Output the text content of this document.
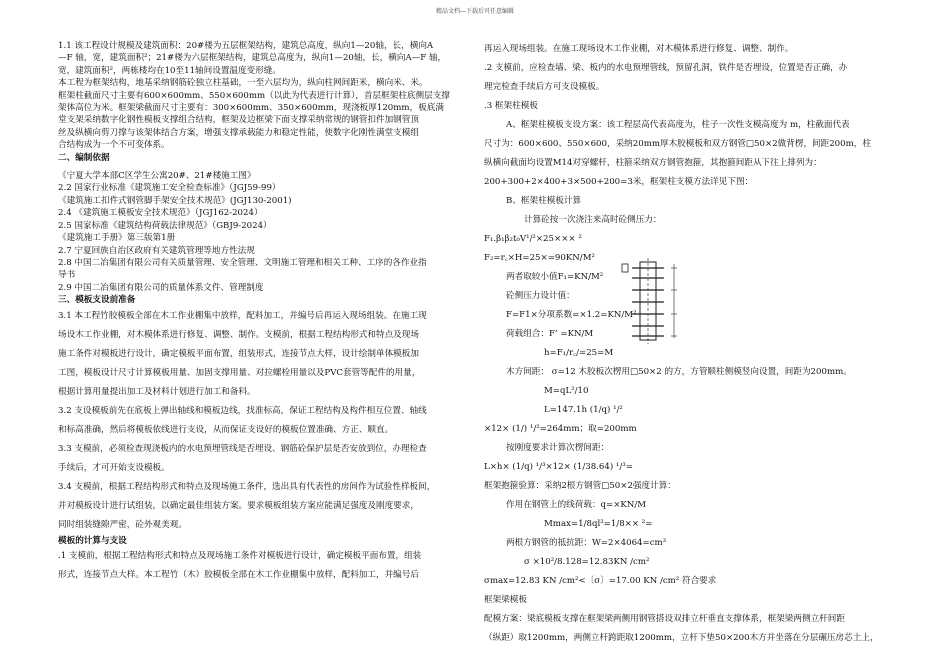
精品文档---下载后可任意编辑
1.1 该工程设计规模及建筑面积：20#楼为五层框架结构，建筑总高度，纵向1—20轴，长，横向A
—F 轴，宽，建筑面积²；21#楼为六层框架结构，建筑总高度为，纵向1—20轴，长，横向A—F 轴，
宽，建筑面积²，两栋楼均在10至11轴间设置温度变形缝。
本工程为框架结构，地基采纳钢筋砼独立柱基础，一至六层均为，纵向柱网间距米，横向米、米。
框架柱截面尺寸主要有600×600mm、550×600mm（以此为代表进行计算），首层框架柱底侧层支撑
架体高位为米。框架梁截面尺寸主要有：300×600mm、350×600mm，现浇板厚120mm，板底满
堂支架采纳数字化钢性模板支撑组合结构，框架及边框梁下面支撑采纳常规的钢管扣件加钢管顶
丝及纵横向剪刀撑与该架体结合方案，增强支撑承载能力和稳定性能，使数字化刚性满堂支模组
合结构成为一个不可变体系。
二、编制依据
《宁夏大学本部C区学生公寓20#、21#楼施工图》
2.2 国家行业标准《建筑施工安全检查标准》（JGJ59-99）
《建筑施工扣件式钢管脚手架安全技术规范》(JGJ130-2001)
2.4 《建筑施工模板安全技术规范》（JGJ162-2024）
2.5 国家标准《建筑结构荷载法律规范》（GBJ9-2024）
《建筑施工手册》第三版第1册
2.7 宁夏回族自治区政府有关建筑管理等地方性法规
2.8 中国二冶集团有限公司有关质量管理、安全管理、文明施工管理和相关工种、工序的各作业指
导书
2.9 中国二冶集团有限公司的质量体系文件、管理制度
三、模板支设前准备
3.1 本工程竹胶模板全部在木工作业棚集中放样，配料加工，并编号后再运入现场组装。在施工现
场设木工作业棚，对木模体系进行修复、调整、制作。支模前，根据工程结构形式和特点及现场
施工条件对模板进行设计，确定模板平面布置，组装形式，连接节点大样，设计绘制单体模板加
工图，模板设计尺寸计算模板用量、加固支撑用量、对拉螺栓用量以及PVC套管等配件的用量，
根据计算用量提出加工及材料计划进行加工和备料。
3.2 支设模板前先在底板上弹出轴线和模板边线，找准标高，保证工程结构及构件相互位置、轴线
和标高准确，然后将模板依线进行支设，从而保证支设好的模板位置准确、方正、顺直。
3.3 支模前，必须检查现浇板内的水电预埋管线是否埋设、钢筋砼保护层是否安放到位，办理检查
手续后，才可开始支设模板。
3.4 支模前，根据工程结构形式和特点及现场施工条件，选出具有代表性的房间作为试验性样板间，
并对模板设计进行试组装，以确定最佳组装方案。要求模板组装方案应能满足强度及刚度要求，
同时组装缝隙严密，砼外观美观。
模板的计算与支设
.1 支模前，根据工程结构形式和特点及现场施工条件对模板进行设计，确定模板平面布置，组装
形式，连接节点大样。本工程竹（木）胶模板全部在木工作业棚集中放样，配料加工，并编号后
再运入现场组装。在施工现场设木工作业棚，对木模体系进行修复、调整、制作。
.2 支模前，应检查墙、梁、板内的水电预埋管线，预留孔洞，铁件是否埋设，位置是否正确，办
理完检查手续后方可支设模板。
.3 框架柱模板
A、框架柱模板支设方案：该工程层高代表高度为，柱子一次性支模高度为 m，柱截面代表
尺寸为：600×600、550×600，采纳20mm厚木胶模板和双方钢管□50×2做背楞，间距200m，柱
纵横向截面均设置M14对穿螺杆，柱箍采纳双方钢管抱箍，其抱箍间距从下往上排列为：
200+300+2×400+3×500+200=3米，框架柱支模方法详见下图：
B、框架柱模板计算
计算砼按一次浇注来高时砼侧压力：
F₁.β₁β₂t₀V¹/²×25××× ²
F₂=r꜀×H=25×=90KN/M²
两者取较小值F₁=KN/M²
砼侧压力设计值：
F=F1×分项系数=×1.2=KN/M²
荷载组合：F’ =KN/M
h=F₁/r꜀/=25=M
木方间距： σ=12 木胶板次楞用□50×2 的方，方管顺柱侧模竖向设置，间距为200mm。
M=qL²/10
L=147.1h (1/q) ¹/²
×12× (1/) ¹/²=264mm；取=200mm
按刚度要求计算次楞间距：
L×h× (1/q) ¹/³×12× (1/38.64) ¹/³=
框架抱箍验算：采纳2根方钢管□50×2强度计算：
作用在钢管上的线荷载：q=×KN/M
Mmax=1/8ql²=1/8×× ²=
两根方钢管的抵抗距：W=2×4064=cm³
σ ×10²/8.128=12.83KN /cm²
σmax=12.83 KN /cm²<〔σ〕=17.00 KN /cm² 符合要求
框架梁模板
配模方案：梁底模板支撑在框架梁两侧用钢管搭设双排立杆垂直支撑体系，框架梁两侧立杆间距
（纵距）取1200mm，两侧立杆跨距取1200mm，立杆下垫50×200木方并坐落在分层碾压房芯土上，
